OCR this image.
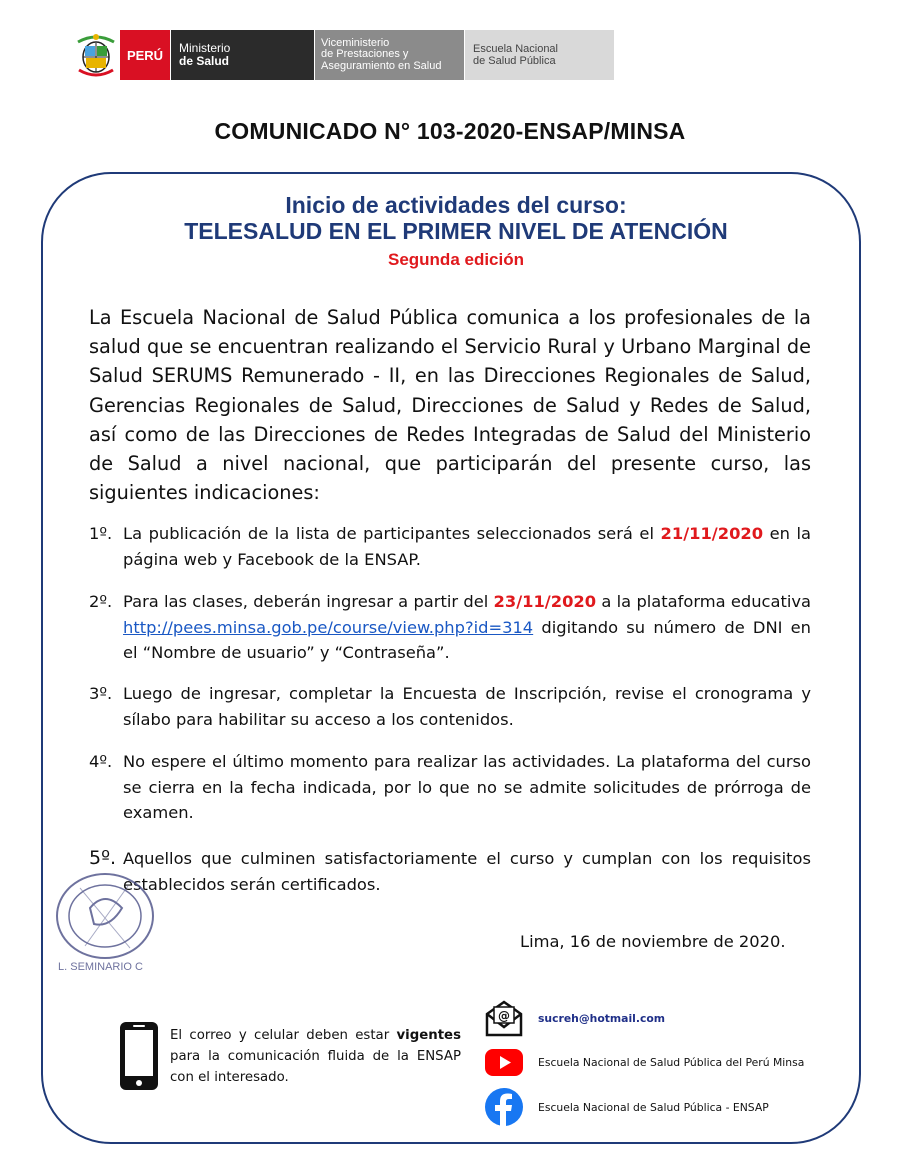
PERÚ	Ministerio
de Salud
Viceministerio
de Prestaciones y
Aseguramiento en Salud
Escuela Nacional
de Salud Pública
COMUNICADO N° 103-2020-ENSAP/MINSA
Inicio de actividades del curso:
TELESALUD EN EL PRIMER NIVEL DE ATENCIÓN
Segunda edición
La Escuela Nacional de Salud Pública comunica a los profesionales de la salud que se encuentran realizando el Servicio Rural y Urbano Marginal de Salud SERUMS Remunerado - II, en las Direcciones Regionales de Salud, Gerencias Regionales de Salud, Direcciones de Salud y Redes de Salud, así como de las Direcciones de Redes Integradas de Salud del Ministerio de Salud a nivel nacional, que participarán del presente curso, las siguientes indicaciones:
1º. La publicación de la lista de participantes seleccionados será el 21/11/2020 en la página web y Facebook de la ENSAP.
2º. Para las clases, deberán ingresar a partir del 23/11/2020 a la plataforma educativa http://pees.minsa.gob.pe/course/view.php?id=314 digitando su número de DNI en el “Nombre de usuario” y “Contraseña”.
3º. Luego de ingresar, completar la Encuesta de Inscripción, revise el cronograma y sílabo para habilitar su acceso a los contenidos.
4º. No espere el último momento para realizar las actividades. La plataforma del curso se cierra en la fecha indicada, por lo que no se admite solicitudes de prórroga de examen.
5º. Aquellos que culminen satisfactoriamente el curso y cumplan con los requisitos establecidos serán certificados.
L. SEMINARIO C
Lima, 16 de noviembre de 2020.
El correo y celular deben estar vigentes para la comunicación fluida de la ENSAP con el interesado.
@	sucreh@hotmail.com
Escuela Nacional de Salud Pública del Perú Minsa
Escuela Nacional de Salud Pública - ENSAP
